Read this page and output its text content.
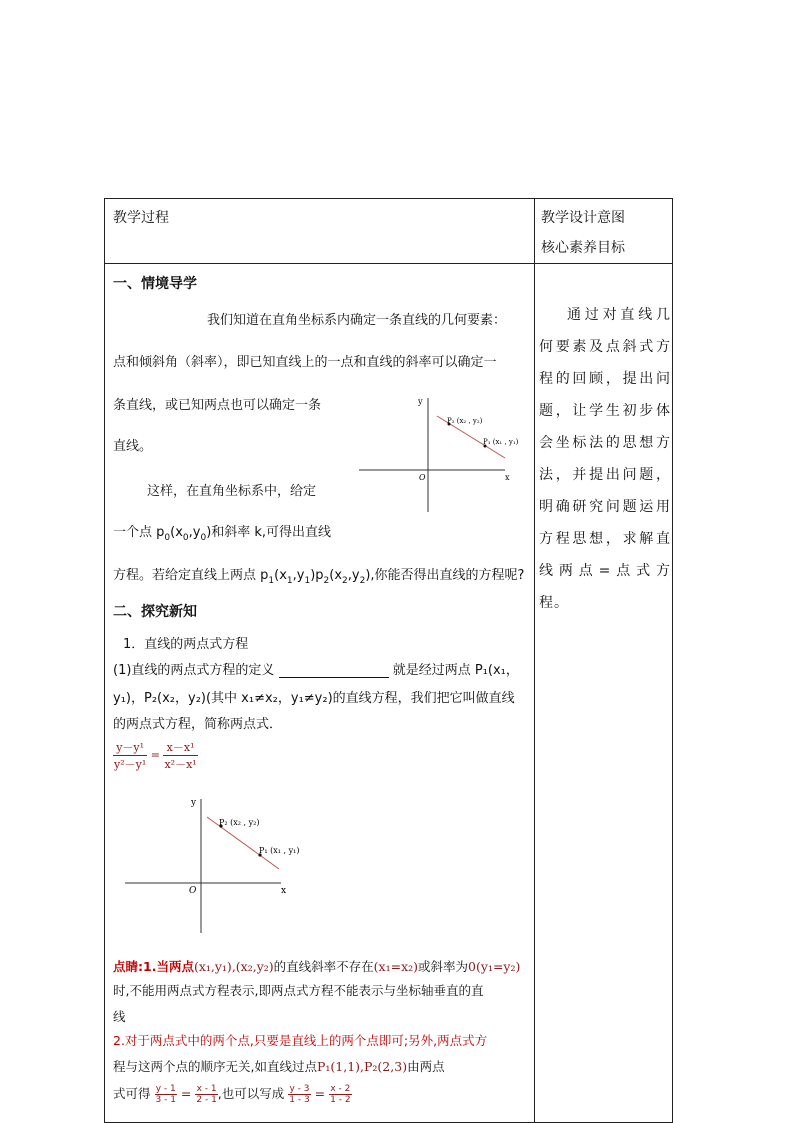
教学过程	教学设计意图
核心素养目标
通过对直线几何要素及点斜式方程的回顾，提出问题，让学生初步体会坐标法的思想方法，并提出问题，明确研究问题运用方程思想，求解直线两点=点式方程。
一、情境导学
我们知道在直角坐标系内确定一条直线的几何要素：
点和倾斜角（斜率），即已知直线上的一点和直线的斜率可以确定一
条直线，或已知两点也可以确定一条
直线。
这样，在直角坐标系中，给定
一个点 $p_0(x_0,y_0)$和斜率 k,可得出直线
方程。若给定直线上两点 $p_1(x_1,y_1)p_2(x_2,y_2)$,你能否得出直线的方程呢?
y
x
O
P₂ (x₂ , y₂)
P₁ (x₁ , y₁)
二、探究新知
1．直线的两点式方程
(1)直线的两点式方程的定义	就是经过两点 P₁(x₁，
y₁)，P₂(x₂，y₂)(其中 x₁≠x₂，y₁≠y₂)的直线方程，我们把它叫做直线
的两点式方程，简称两点式．
$\frac{\text{y－y¹}}{\text{y²－y¹}} = \frac{\text{x－x¹}}{\text{x²－x¹}}$
y
x
O
P₂ (x₂ , y₂)
P₁ (x₁ , y₁)
点睛:1.当两点(x₁,y₁),(x₂,y₂)的直线斜率不存在(x₁=x₂)或斜率为0(y₁=y₂)
时,不能用两点式方程表示,即两点式方程不能表示与坐标轴垂直的直
线
2.对于两点式中的两个点,只要是直线上的两个点即可;另外,两点式方
程与这两个点的顺序无关,如直线过点P₁(1,1),P₂(2,3)由两点
式可得 $\frac{y - 1}{3 - 1} = \frac{x - 1}{2 - 1}$ ,也可以写成 $\frac{y - 3}{1 - 3} = \frac{x - 2}{1 - 2}$
